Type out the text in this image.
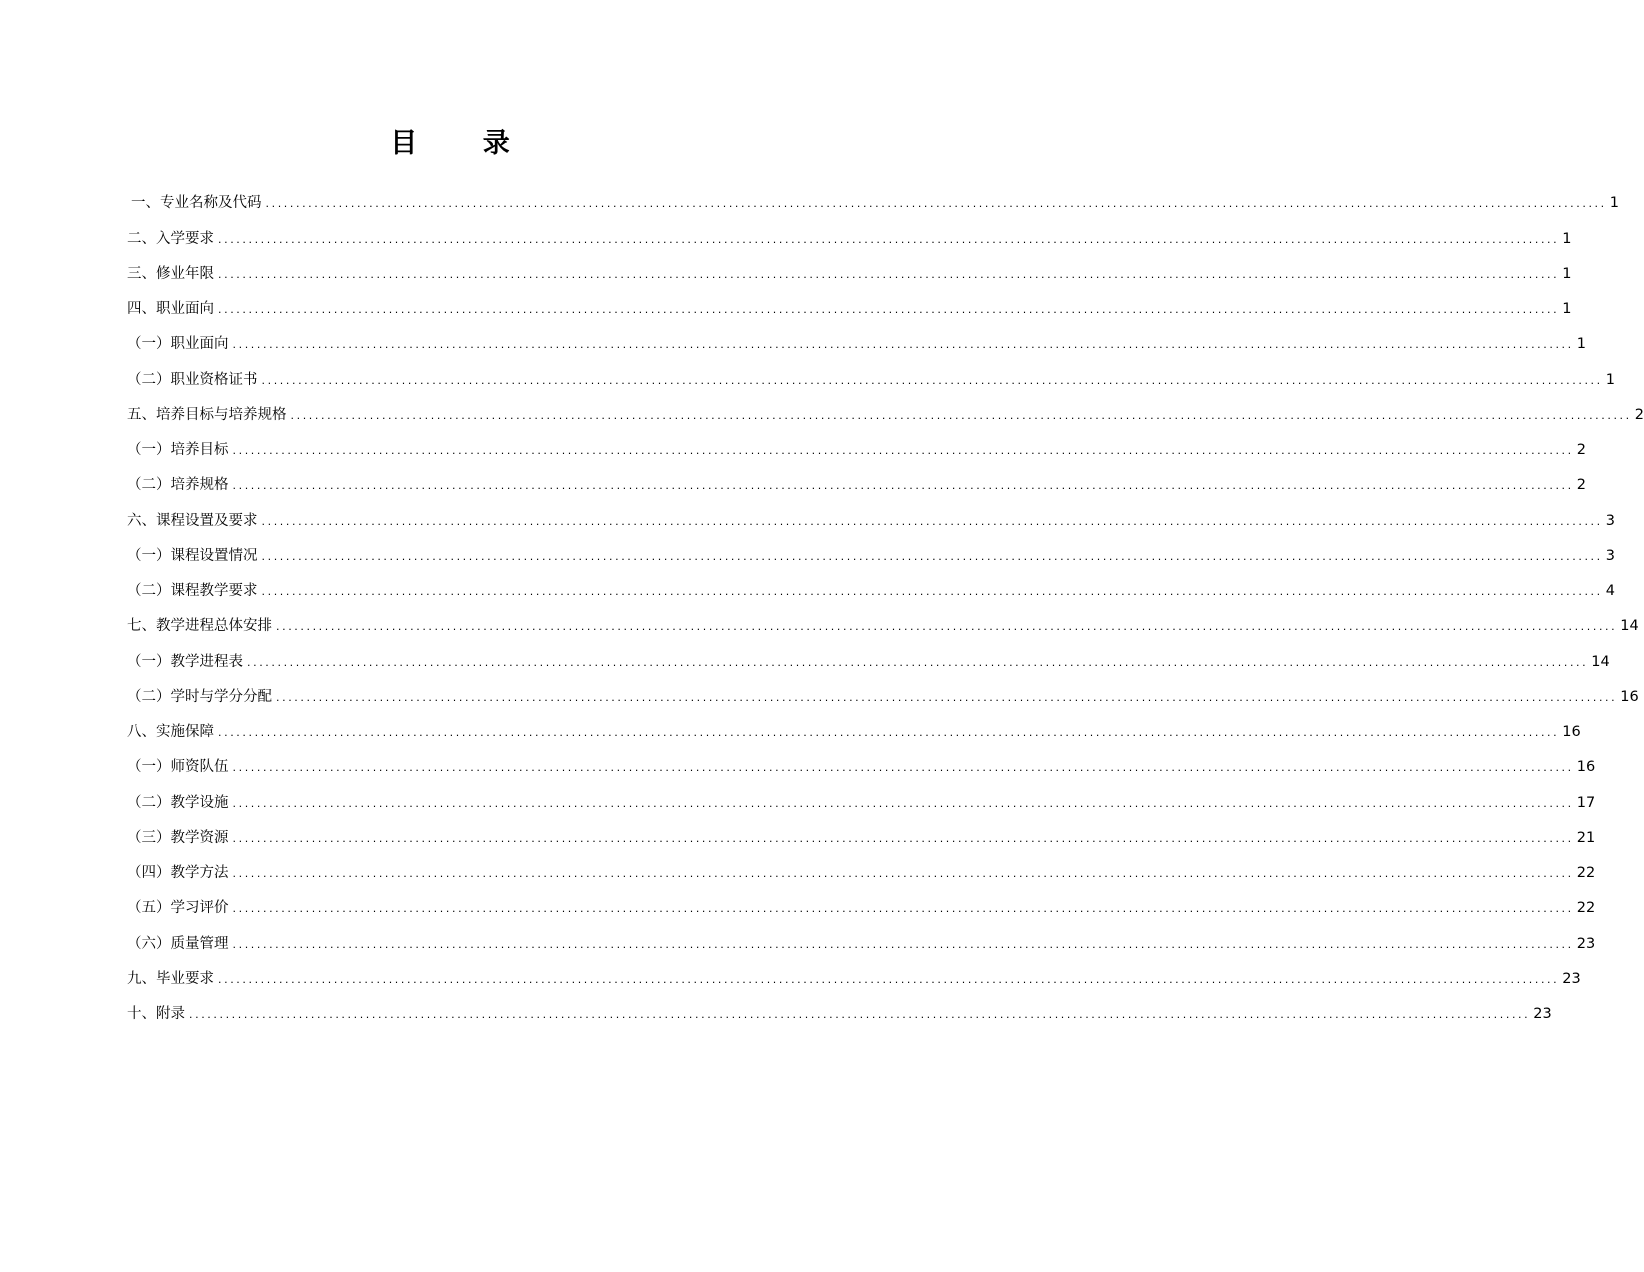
目 录
一、专业名称及代码 ............................................................................................................................................................................................................................ 1
二、入学要求 ............................................................................................................................................................................................................................ 1
三、修业年限 ............................................................................................................................................................................................................................ 1
四、职业面向 ............................................................................................................................................................................................................................ 1
（一）职业面向 ............................................................................................................................................................................................................................ 1
（二）职业资格证书 ............................................................................................................................................................................................................................ 1
五、培养目标与培养规格 ............................................................................................................................................................................................................................ 2
（一）培养目标 ............................................................................................................................................................................................................................ 2
（二）培养规格 ............................................................................................................................................................................................................................ 2
六、课程设置及要求 ............................................................................................................................................................................................................................ 3
（一）课程设置情况 ............................................................................................................................................................................................................................ 3
（二）课程教学要求 ............................................................................................................................................................................................................................ 4
七、教学进程总体安排 ............................................................................................................................................................................................................................ 14
（一）教学进程表 ............................................................................................................................................................................................................................ 14
（二）学时与学分分配 ............................................................................................................................................................................................................................ 16
八、实施保障 ............................................................................................................................................................................................................................ 16
（一）师资队伍 ............................................................................................................................................................................................................................ 16
（二）教学设施 ............................................................................................................................................................................................................................ 17
（三）教学资源 ............................................................................................................................................................................................................................ 21
（四）教学方法 ............................................................................................................................................................................................................................ 22
（五）学习评价 ............................................................................................................................................................................................................................ 22
（六）质量管理 ............................................................................................................................................................................................................................ 23
九、毕业要求 ............................................................................................................................................................................................................................ 23
十、附录 ............................................................................................................................................................................................................................ 23
